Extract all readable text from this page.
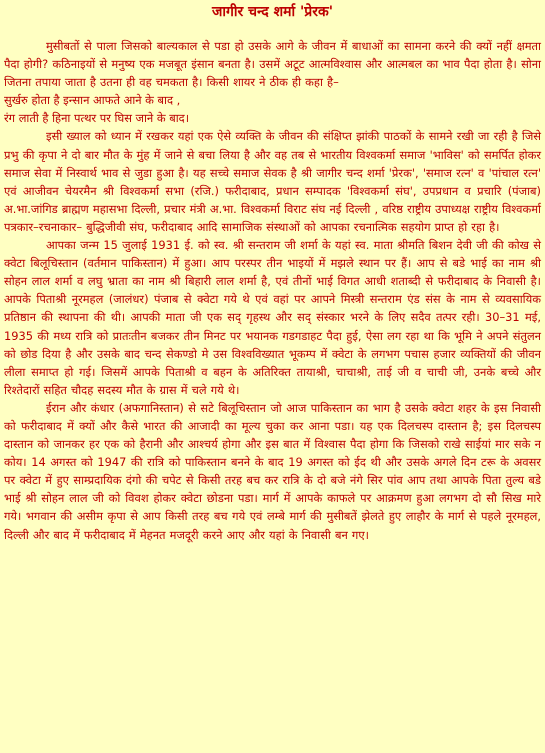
जागीर चन्द शर्मा 'प्रेरक'

मुसीबतों से पाला जिसको बाल्यकाल से पडा हो उसके आगे के जीवन में बाधाओं का सामना करने की क्यों नहीं क्षमता पैदा होगी? कठिनाइयों से मनुष्य एक मजबूत इंसान बनता है। उसमें अटूट आत्मविश्वास और आत्मबल का भाव पैदा होता है। सोना जितना तपाया जाता है उतना ही वह चमकता है। किसी शायर ने ठीक ही कहा है–

सुर्खरु होता है इन्सान आफते आने के बाद ,
रंग लाती है हिना पत्थर पर घिस जाने के बाद।

इसी ख्याल को ध्यान में रखकर यहां एक ऐसे व्यक्ति के जीवन की संक्षिप्त झांकी पाठकों के सामने रखी जा रही है जिसे प्रभु की कृपा ने दो बार मौत के मुंह में जाने से बचा लिया है और वह तब से भारतीय विश्वकर्मा समाज 'भाविस' को समर्पित होकर समाज सेवा में निस्वार्थ भाव से जुडा हुआ है। यह सच्चे समाज सेवक है श्री जागीर चन्द शर्मा 'प्रेरक', 'समाज रत्न' व 'पांचाल रत्न' एवं आजीवन चेयरमैन श्री विश्वकर्मा सभा (रजि.) फरीदाबाद, प्रधान सम्पादक 'विश्वकर्मा संघ', उपप्रधान व प्रचारि (पंजाब) अ.भा.जांगिड ब्राह्मण महासभा दिल्ली, प्रचार मंत्री अ.भा. विश्वकर्मा विराट संघ नई दिल्ली , वरिष्ठ राष्ट्रीय उपाध्यक्ष राष्ट्रीय विश्वकर्मा पत्रकार–रचनाकार– बुद्धिजीवी संघ, फरीदाबाद आदि सामाजिक संस्थाओं को आपका रचनात्मिक सहयोग प्राप्त हो रहा है।

आपका जन्म 15 जुलाई 1931 ई. को स्व. श्री सन्तराम जी शर्मा के यहां स्व. माता श्रीमति बिशन देवी जी की कोख से क्वेटा बिलूचिस्तान (वर्तमान पाकिस्तान) में हुआ। आप परस्पर तीन भाइयों में मझले स्थान पर हैं। आप से बडे भाई का नाम श्री सोहन लाल शर्मा व लघु भ्राता का नाम श्री बिहारी लाल शर्मा है, एवं तीनों भाई विगत आधी शताब्दी से फरीदाबाद के निवासी है। आपके पिताश्री नूरमहल (जालंधर) पंजाब से क्वेटा गये थे एवं वहां पर आपने मिस्त्री सन्तराम एंड संस के नाम से व्यवसायिक प्रतिष्ठान की स्थापना की थी। आपकी माता जी एक सद् गृहस्थ और सद् संस्कार भरने के लिए सदैव तत्पर रही। 30–31 मई, 1935 की मध्य रात्रि को प्रातःतीन बजकर तीन मिनट पर भयानक गडगडाहट पैदा हुई, ऐसा लग रहा था कि भूमि ने अपने संतुलन को छोड दिया है और उसके बाद चन्द सेकण्डो मे उस विश्वविख्यात भूकम्प में क्वेटा के लगभग पचास हजार व्यक्तियों की जीवन लीला समाप्त हो गई। जिसमें आपके पिताश्री व बहन के अतिरिक्त तायाश्री, चाचाश्री, ताई जी व चाची जी, उनके बच्चे और रिश्तेदारों सहित चौदह सदस्य मौत के ग्रास में चले गये थे।

ईरान और कंधार (अफगानिस्तान) से सटे बिलूचिस्तान जो आज पाकिस्तान का भाग है उसके क्वेटा शहर के इस निवासी को फरीदाबाद में क्यों और कैसे भारत की आजादी का मूल्य चुका कर आना पडा। यह एक दिलचस्प दास्तान है; इस दिलचस्प दास्तान को जानकर हर एक को हैरानी और आश्चर्य होगा और इस बात में विश्वास पैदा होगा कि जिसको राखे साईयां मार सके न कोय। 14 अगस्त को 1947 की रात्रि को पाकिस्तान बनने के बाद 19 अगस्त को ईद थी और उसके अगले दिन टरू के अवसर पर क्वेटा में हुए साम्प्रदायिक दंगो की चपेट से किसी तरह बच कर रात्रि के दो बजे नंगे सिर पांव आप तथा आपके पिता तुल्य बडे भाई श्री सोहन लाल जी को विवश होकर क्वेटा छोडना पडा। मार्ग में आपके काफले पर आक्रमण हुआ लगभग दो सौ सिख मारे गये। भगवान की असीम कृपा से आप किसी तरह बच गये एवं लम्बे मार्ग की मुसीबतें झेलते हुए लाहौर के मार्ग से पहले नूरमहल, दिल्ली और बाद में फरीदाबाद में मेहनत मजदूरी करने आए और यहां के निवासी बन गए।
